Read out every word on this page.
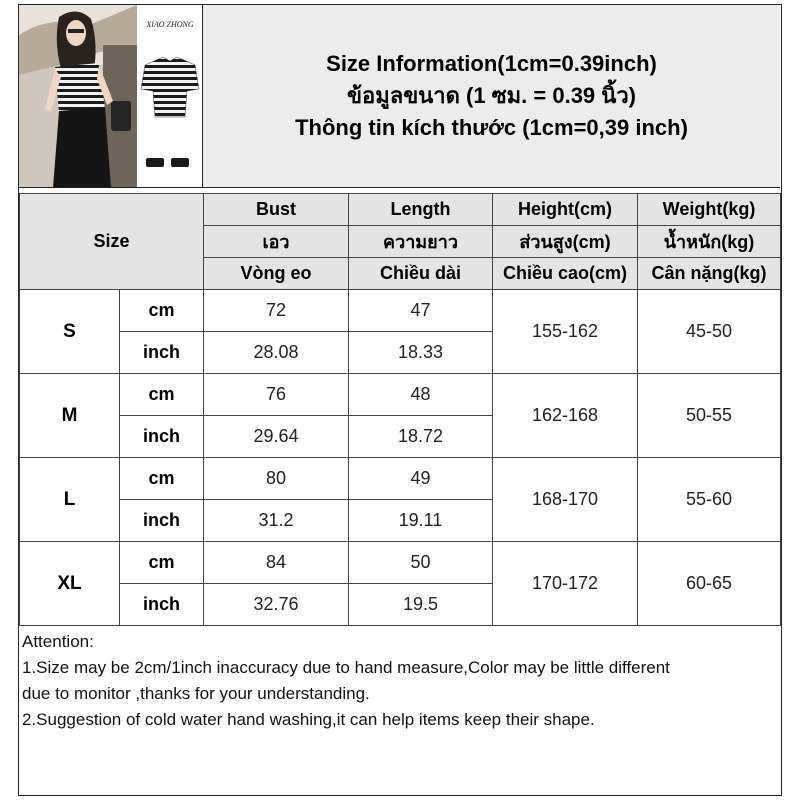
XIAO ZHONG
Size Information(1cm=0.39inch)
ข้อมูลขนาด (1 ซม. = 0.39 นิ้ว)
Thông tin kích thước (1cm=0,39 inch)
Size		Bust	Length	Height(cm)	Weight(kg)
		เอว	ความยาว	ส่วนสูง(cm)	น้ำหนัก(kg)
		Vòng eo	Chiều dài	Chiều cao(cm)	Cân nặng(kg)
S	cm	72	47	155-162	45-50
	inch	28.08	18.33		
M	cm	76	48	162-168	50-55
	inch	29.64	18.72		
L	cm	80	49	168-170	55-60
	inch	31.2	19.11		
XL	cm	84	50	170-172	60-65
	inch	32.76	19.5		
Attention:
1.Size may be 2cm/1inch inaccuracy due to hand measure,Color may be little different
due to monitor ,thanks for your understanding.
2.Suggestion of cold water hand washing,it can help items keep their shape.
